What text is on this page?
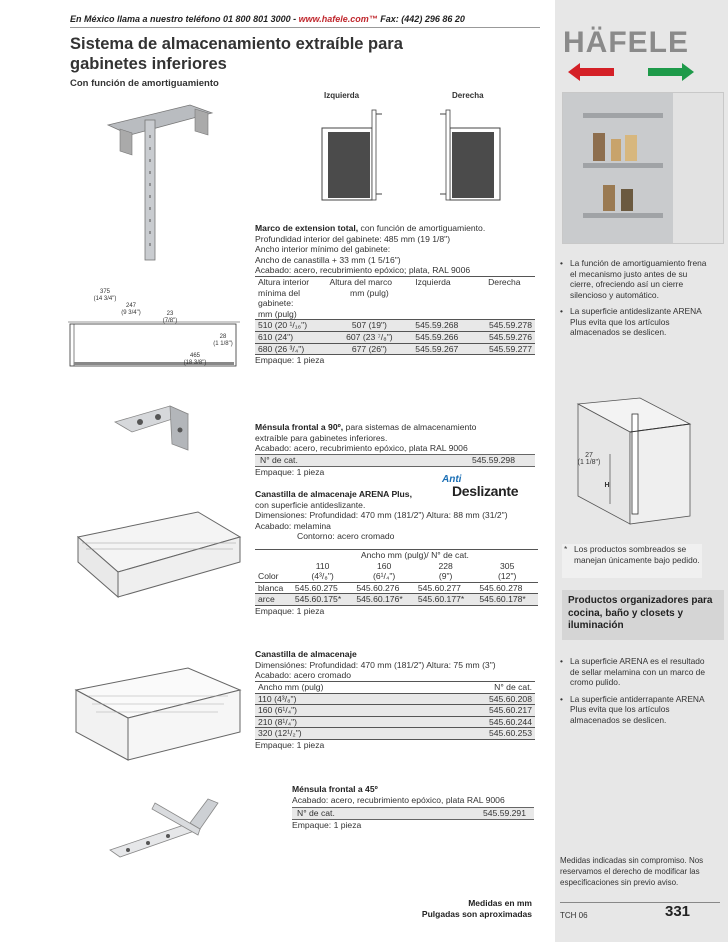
En México llama a nuestro teléfono 01 800 801 3000 - www.hafele.com™ Fax: (442) 296 86 20
HÄFELE
Sistema de almacenamiento extraíble para
gabinetes inferiores
Con función de amortiguamiento
Izquierda	Derecha
375
(14 3/4")
247
(9 3/4")	23
(7/8")
28
(1 1/8")
465
(18 3/8")
Marco de extension total, con función de amortiguamiento.
Profundidad interior del gabinete: 485 mm (19 1/8")
Ancho interior mínimo del gabinete:
Ancho de canastilla + 33 mm (1 5/16")
Acabado: acero, recubrimiento epóxico; plata, RAL 9006
Altura interior	Altura del marco	Izquierda	Derecha
mínima del	mm (pulg)		
gabinete:			
mm (pulg)			
510 (20 ¹/₁₆")	507 (19")	545.59.268	545.59.278
610 (24")	607 (23 ⁷/₈")	545.59.266	545.59.276
680 (26 ³/₄")	677 (26")	545.59.267	545.59.277
Empaque: 1 pieza			
Ménsula frontal a 90º, para sistemas de almacenamiento
extraíble para gabinetes inferiores.
Acabado: acero, recubrimiento epóxico, plata RAL 9006
N° de cat.	545.59.298
Empaque: 1 pieza
Anti
Deslizante
Canastilla de almacenaje ARENA Plus,
con superficie antideslizante.
Dimensiones: Profundidad: 470 mm (181/2") Altura: 88 mm (31/2")
Acabado: melamina
Contorno: acero cromado
	Ancho mm (pulg)/ N° de cat.			
	110	160	228	305
Color	(4³/₈")	(6¹/₄")	(9")	(12")
blanca	545.60.275	545.60.276	545.60.277	545.60.278
arce	545.60.175*	545.60.176*	545.60.177*	545.60.178*
Empaque: 1 pieza				
Canastilla de almacenaje
Dimensiónes: Profundidad: 470 mm (181/2") Altura: 75 mm (3")
Acabado: acero cromado
Ancho mm (pulg)	N° de cat.
110 (4³/₈")	545.60.208
160 (6¹/₄")	545.60.217
210 (8¹/₄")	545.60.244
320 (12¹/₂")	545.60.253
Empaque: 1 pieza	
Ménsula frontal a 45º
Acabado: acero, recubrimiento epóxico, plata RAL 9006
N° de cat.	545.59.291
Empaque: 1 pieza
• La función de amortiguamiento frena el mecanismo justo antes de su cierre, ofreciendo así un cierre silencioso y automático.
• La superficie antideslizante ARENA Plus evita que los artículos almacenados se deslicen.
27
(1 1/8")
H
* Los productos sombreados se manejan únicamente bajo pedido.
Productos organizadores para cocina, baño y closets y iluminación
• La superficie ARENA es el resultado de sellar melamina con un marco de cromo pulido.
• La superficie antiderrapante ARENA Plus evita que los artículos almacenados se deslicen.
Medidas indicadas sin compromiso. Nos reservamos el derecho de modificar las especificaciones sin previo aviso.
TCH 06	331
Medidas en mm
Pulgadas son aproximadas
